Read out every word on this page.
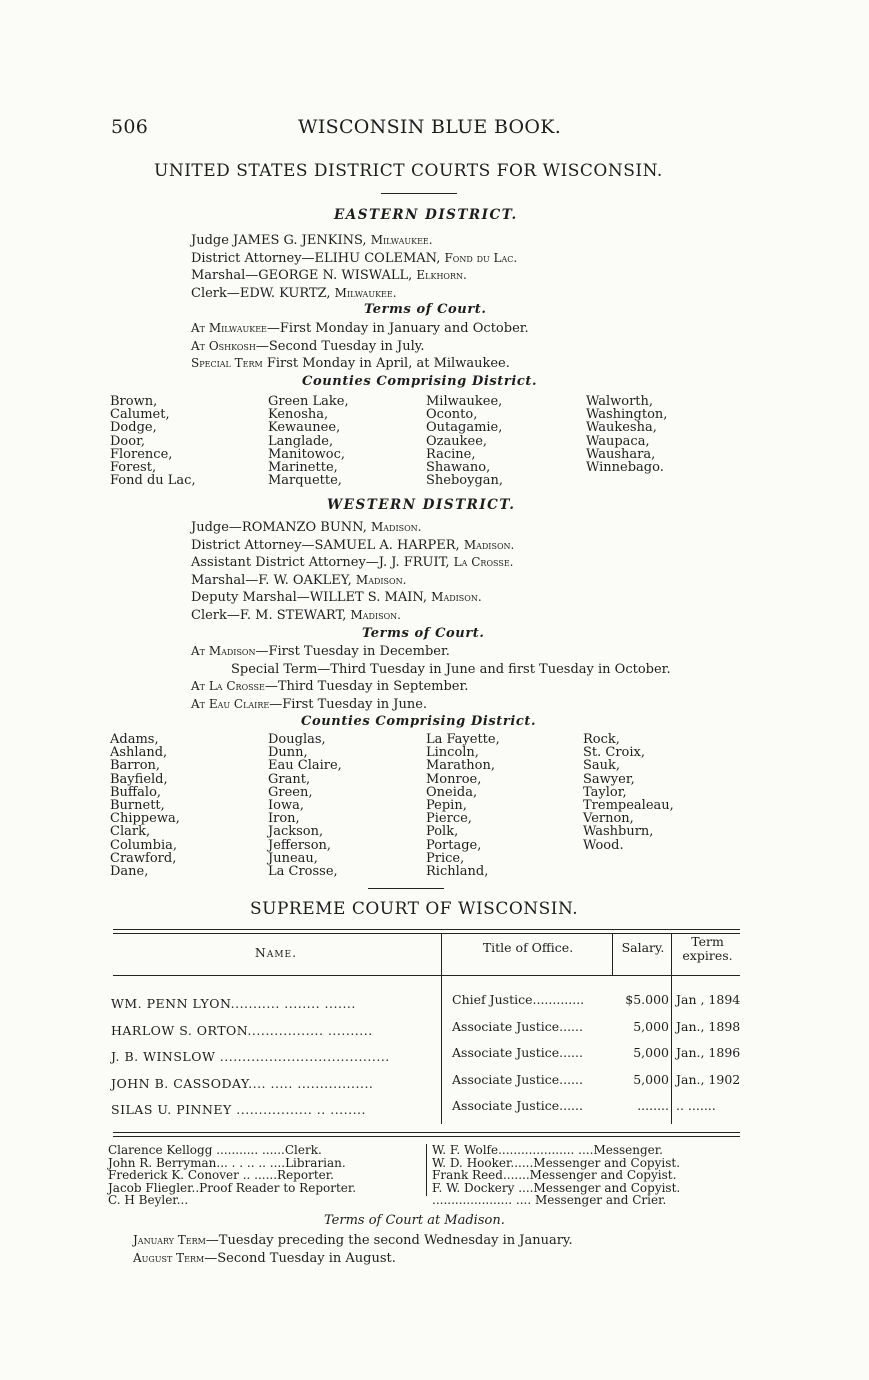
506	WISCONSIN BLUE BOOK.
UNITED STATES DISTRICT COURTS FOR WISCONSIN.
EASTERN DISTRICT.
Judge JAMES G. JENKINS, Milwaukee.
District Attorney—ELIHU COLEMAN, Fond du Lac.
Marshal—GEORGE N. WISWALL, Elkhorn.
Clerk—EDW. KURTZ, Milwaukee.
Terms of Court.
At Milwaukee—First Monday in January and October.
At Oshkosh—Second Tuesday in July.
Special Term First Monday in April, at Milwaukee.
Counties Comprising District.
Brown,
Calumet,
Dodge,
Door,
Florence,
Forest,
Fond du Lac,
Green Lake,
Kenosha,
Kewaunee,
Langlade,
Manitowoc,
Marinette,
Marquette,
Milwaukee,
Oconto,
Outagamie,
Ozaukee,
Racine,
Shawano,
Sheboygan,
Walworth,
Washington,
Waukesha,
Waupaca,
Waushara,
Winnebago.
WESTERN DISTRICT.
Judge—ROMANZO BUNN, Madison.
District Attorney—SAMUEL A. HARPER, Madison.
Assistant District Attorney—J. J. FRUIT, La Crosse.
Marshal—F. W. OAKLEY, Madison.
Deputy Marshal—WILLET S. MAIN, Madison.
Clerk—F. M. STEWART, Madison.
Terms of Court.
At Madison—First Tuesday in December.
Special Term—Third Tuesday in June and first Tuesday in October.
At La Crosse—Third Tuesday in September.
At Eau Claire—First Tuesday in June.
Counties Comprising District.
Adams,
Ashland,
Barron,
Bayfield,
Buffalo,
Burnett,
Chippewa,
Clark,
Columbia,
Crawford,
Dane,
Douglas,
Dunn,
Eau Claire,
Grant,
Green,
Iowa,
Iron,
Jackson,
Jefferson,
Juneau,
La Crosse,
La Fayette,
Lincoln,
Marathon,
Monroe,
Oneida,
Pepin,
Pierce,
Polk,
Portage,
Price,
Richland,
Rock,
St. Croix,
Sauk,
Sawyer,
Taylor,
Trempealeau,
Vernon,
Washburn,
Wood.
SUPREME COURT OF WISCONSIN.
Name.	Title of Office.	Salary.	Term expires.
WM. PENN LYON........... ........ .......	Chief Justice.............	$5.000 Jan , 1894
HARLOW S. ORTON................. ..........	Associate Justice......	5,000 Jan., 1898
J. B. WINSLOW ......................................	Associate Justice......	5,000 Jan., 1896
JOHN B. CASSODAY.... ..... .................	Associate Justice......	5,000 Jan., 1902
SILAS U. PINNEY ................. .. ........	Associate Justice......	........ .. .......
Clarence Kellogg ........... ......Clerk.
John R. Berryman... . . .. .. ....Librarian.
Frederick K. Conover .. ......Reporter.
Jacob Fliegler..Proof Reader to Reporter.
C. H Beyler...
W. F. Wolfe.................... ....Messenger.
W. D. Hooker......Messenger and Copyist.
Frank Reed.......Messenger and Copyist.
F. W. Dockery ....Messenger and Copyist.
..................... .... Messenger and Crier.
Terms of Court at Madison.
January Term—Tuesday preceding the second Wednesday in January.
August Term—Second Tuesday in August.
